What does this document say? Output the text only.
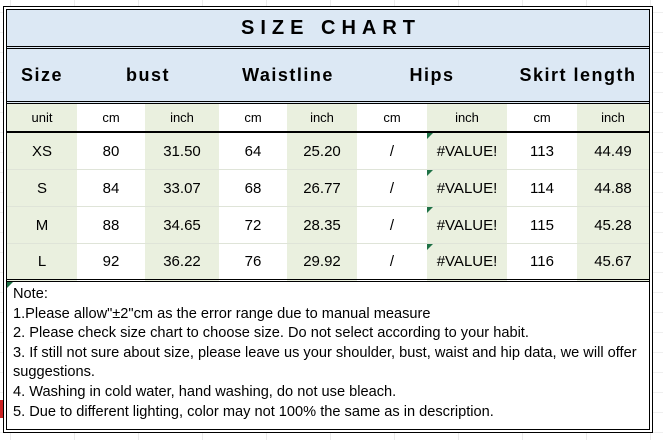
SIZE CHART
Size	bust	Waistline	Hips	Skirt length
unit	cm	inch	cm	inch	cm	inch	cm	inch
XS	80	31.50	64	25.20	/	#VALUE!	113	44.49
S	84	33.07	68	26.77	/	#VALUE!	114	44.88
M	88	34.65	72	28.35	/	#VALUE!	115	45.28
L	92	36.22	76	29.92	/	#VALUE!	116	45.67
Note:
1.Please allow"±2"cm as the error range due to manual measure
2. Please check size chart to choose size. Do not select according to your habit.
3. If still not sure about size, please leave us your shoulder, bust, waist and hip data, we will offer
suggestions.
4. Washing in cold water, hand washing, do not use bleach.
5. Due to different lighting, color may not 100% the same as in description.
